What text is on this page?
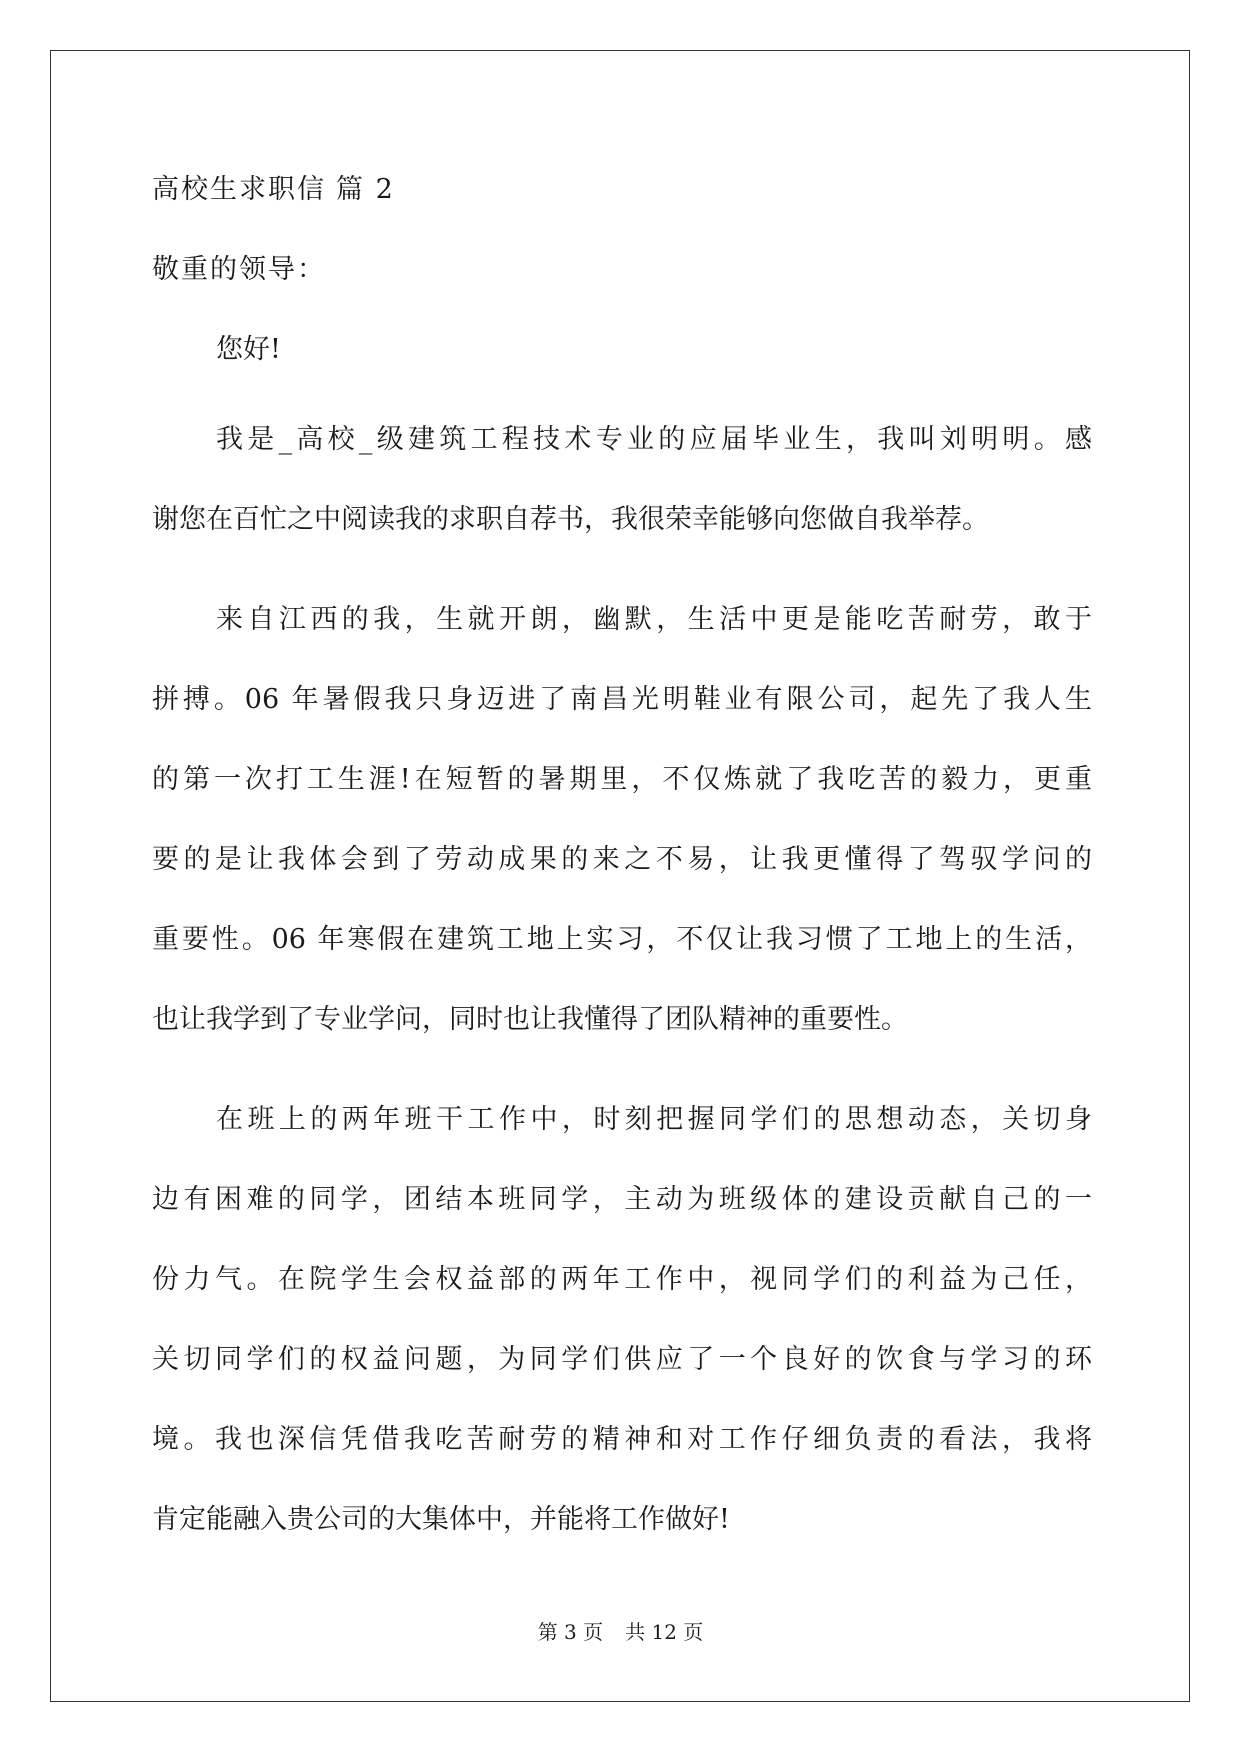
高校生求职信 篇 2

敬重的领导：

您好!

我是_高校_级建筑工程技术专业的应届毕业生，我叫刘明明。感
谢您在百忙之中阅读我的求职自荐书，我很荣幸能够向您做自我举荐。

来自江西的我，生就开朗，幽默，生活中更是能吃苦耐劳，敢于
拼搏。06 年暑假我只身迈进了南昌光明鞋业有限公司，起先了我人生
的第一次打工生涯!在短暂的暑期里，不仅炼就了我吃苦的毅力，更重
要的是让我体会到了劳动成果的来之不易，让我更懂得了驾驭学问的
重要性。06 年寒假在建筑工地上实习，不仅让我习惯了工地上的生活，
也让我学到了专业学问，同时也让我懂得了团队精神的重要性。

在班上的两年班干工作中，时刻把握同学们的思想动态，关切身
边有困难的同学，团结本班同学，主动为班级体的建设贡献自己的一
份力气。在院学生会权益部的两年工作中，视同学们的利益为己任，
关切同学们的权益问题，为同学们供应了一个良好的饮食与学习的环
境。我也深信凭借我吃苦耐劳的精神和对工作仔细负责的看法，我将
肯定能融入贵公司的大集体中，并能将工作做好!

第 3 页 共 12 页
